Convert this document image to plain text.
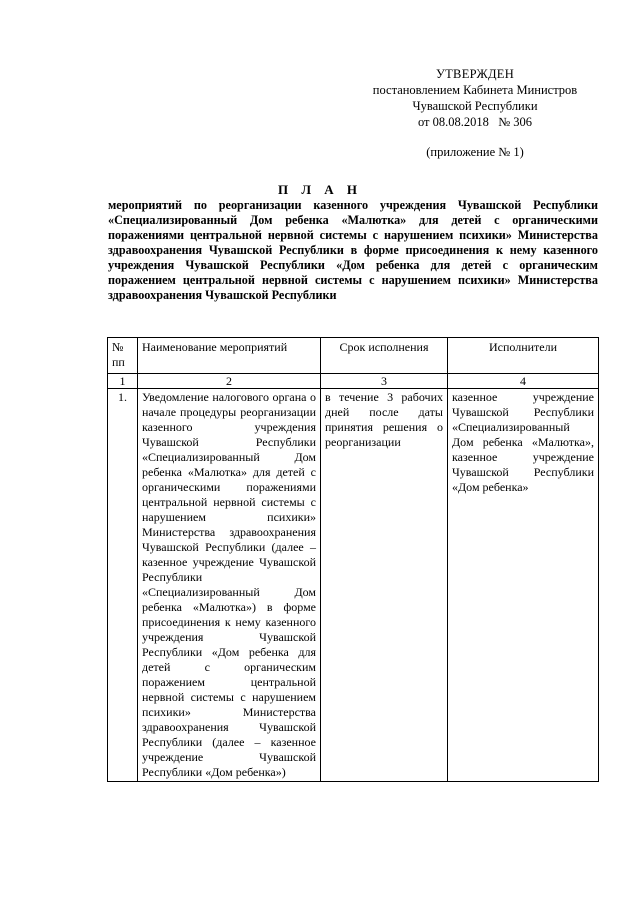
УТВЕРЖДЕН
постановлением Кабинета Министров
Чувашской Республики
от 08.08.2018   № 306
(приложение № 1)
П Л А Н
мероприятий по реорганизации казенного учреждения Чувашской Республики «Специализированный Дом ребенка «Малютка» для детей с органическими поражениями центральной нервной системы с нарушением психики» Министерства здравоохранения Чувашской Республики в форме присоединения к нему казенного учреждения Чувашской Республики «Дом ребенка для детей с органическим поражением центральной нервной системы с нарушением психики» Министерства здравоохранения Чувашской Республики
№ пп	Наименование мероприятий	Срок исполнения	Исполнители
1	2	3	4
1.	Уведомление налогового органа о начале процедуры реорганизации казенного учреждения Чувашской Республики «Специализированный Дом ребенка «Малютка» для детей с органическими поражениями центральной нервной системы с нарушением психики» Министерства здравоохранения Чувашской Республики (далее – казенное учреждение Чувашской Республики «Специализированный Дом ребенка «Малютка») в форме присоединения к нему казенного учреждения Чувашской Республики «Дом ребенка для детей с органическим поражением центральной нервной системы с нарушением психики» Министерства здравоохранения Чувашской Республики (далее – казенное учреждение Чувашской Республики «Дом ребенка»)	в течение 3 рабочих дней после даты принятия решения о реорганизации	казенное учреждение Чувашской Республики «Специализированный Дом ребенка «Малютка», казенное учреждение Чувашской Республики «Дом ребенка»
